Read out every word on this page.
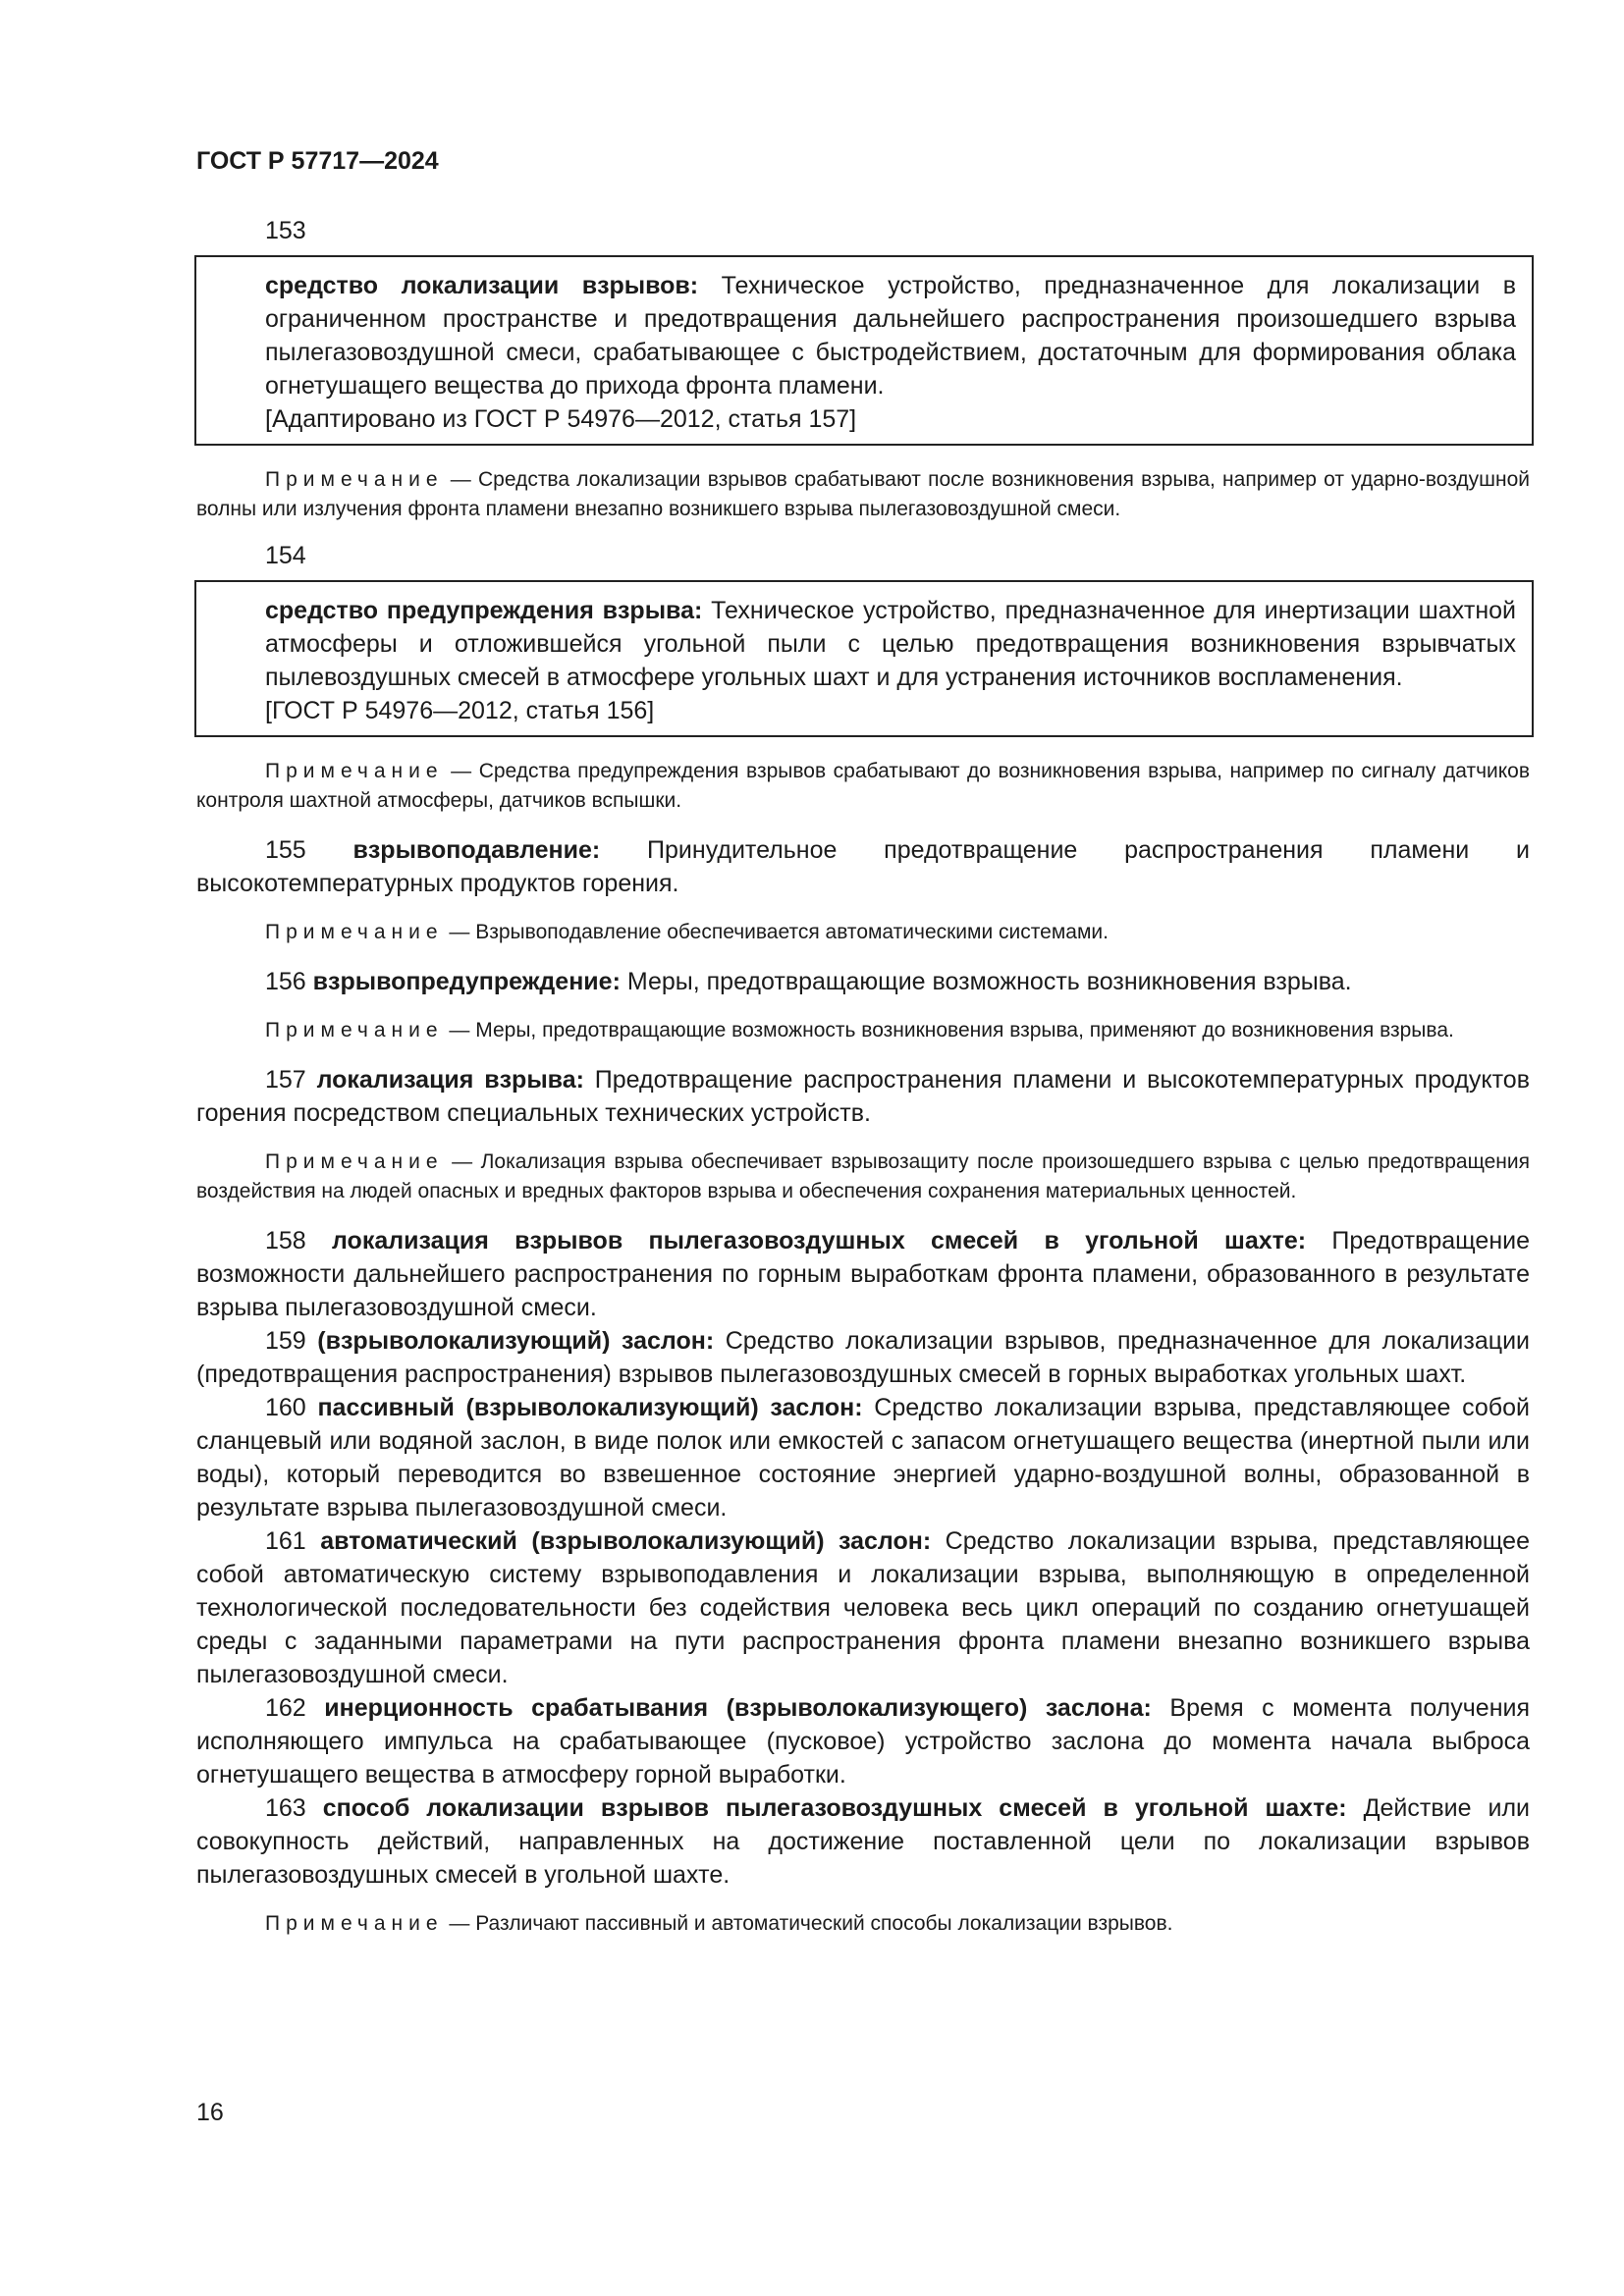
ГОСТ Р 57717—2024
153
средство локализации взрывов: Техническое устройство, предназначенное для локализации в ограниченном пространстве и предотвращения дальнейшего распространения произошедшего взрыва пылегазовоздушной смеси, срабатывающее с быстродействием, достаточным для формирования облака огнетушащего вещества до прихода фронта пламени.
[Адаптировано из ГОСТ Р 54976—2012, статья 157]
Примечание — Средства локализации взрывов срабатывают после возникновения взрыва, например от ударно-воздушной волны или излучения фронта пламени внезапно возникшего взрыва пылегазовоздушной смеси.
154
средство предупреждения взрыва: Техническое устройство, предназначенное для инертизации шахтной атмосферы и отложившейся угольной пыли с целью предотвращения возникновения взрывчатых пылевоздушных смесей в атмосфере угольных шахт и для устранения источников воспламенения.
[ГОСТ Р 54976—2012, статья 156]
Примечание — Средства предупреждения взрывов срабатывают до возникновения взрыва, например по сигналу датчиков контроля шахтной атмосферы, датчиков вспышки.
155 взрывоподавление: Принудительное предотвращение распространения пламени и высокотемпературных продуктов горения.
Примечание — Взрывоподавление обеспечивается автоматическими системами.
156 взрывопредупреждение: Меры, предотвращающие возможность возникновения взрыва.
Примечание — Меры, предотвращающие возможность возникновения взрыва, применяют до возникновения взрыва.
157 локализация взрыва: Предотвращение распространения пламени и высокотемпературных продуктов горения посредством специальных технических устройств.
Примечание — Локализация взрыва обеспечивает взрывозащиту после произошедшего взрыва с целью предотвращения воздействия на людей опасных и вредных факторов взрыва и обеспечения сохранения материальных ценностей.
158 локализация взрывов пылегазовоздушных смесей в угольной шахте: Предотвращение возможности дальнейшего распространения по горным выработкам фронта пламени, образованного в результате взрыва пылегазовоздушной смеси.
159 (взрыволокализующий) заслон: Средство локализации взрывов, предназначенное для локализации (предотвращения распространения) взрывов пылегазовоздушных смесей в горных выработках угольных шахт.
160 пассивный (взрыволокализующий) заслон: Средство локализации взрыва, представляющее собой сланцевый или водяной заслон, в виде полок или емкостей с запасом огнетушащего вещества (инертной пыли или воды), который переводится во взвешенное состояние энергией ударно-воздушной волны, образованной в результате взрыва пылегазовоздушной смеси.
161 автоматический (взрыволокализующий) заслон: Средство локализации взрыва, представляющее собой автоматическую систему взрывоподавления и локализации взрыва, выполняющую в определенной технологической последовательности без содействия человека весь цикл операций по созданию огнетушащей среды с заданными параметрами на пути распространения фронта пламени внезапно возникшего взрыва пылегазовоздушной смеси.
162 инерционность срабатывания (взрыволокализующего) заслона: Время с момента получения исполняющего импульса на срабатывающее (пусковое) устройство заслона до момента начала выброса огнетушащего вещества в атмосферу горной выработки.
163 способ локализации взрывов пылегазовоздушных смесей в угольной шахте: Действие или совокупность действий, направленных на достижение поставленной цели по локализации взрывов пылегазовоздушных смесей в угольной шахте.
Примечание — Различают пассивный и автоматический способы локализации взрывов.
16
